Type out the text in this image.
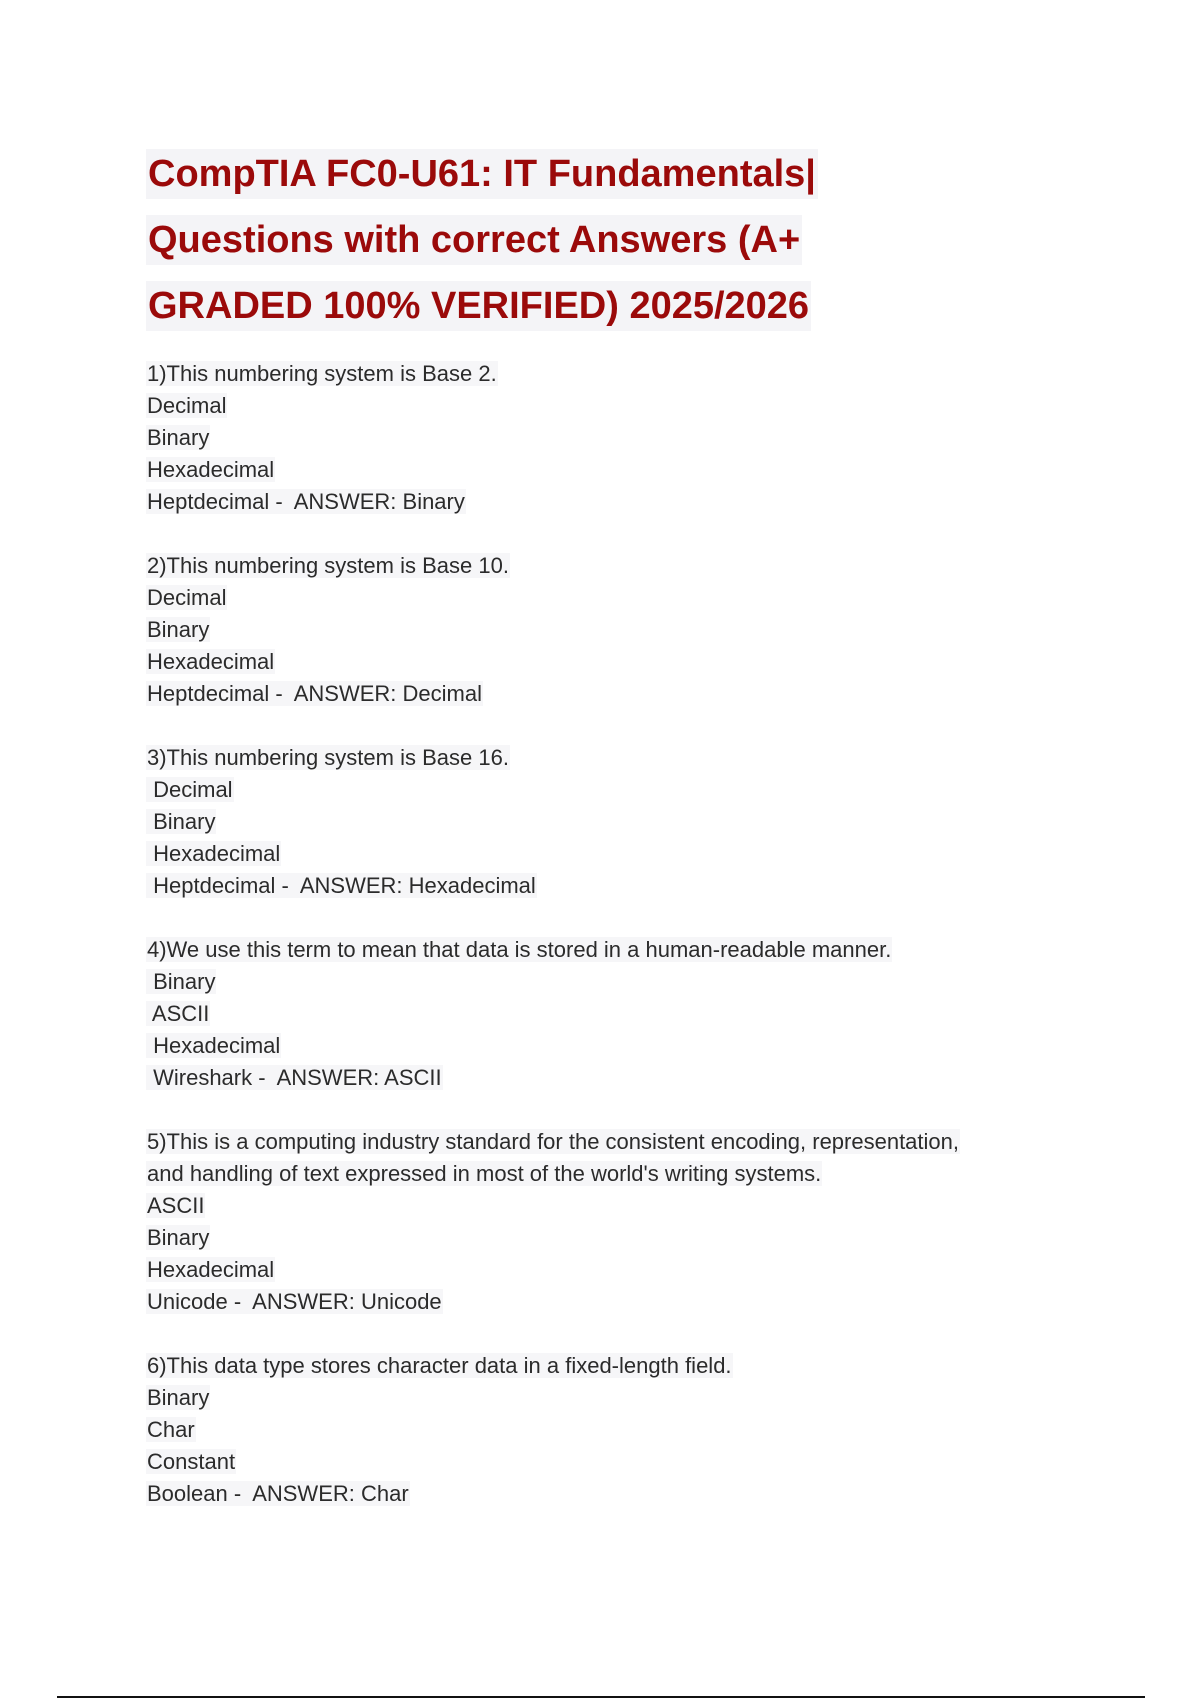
CompTIA FC0-U61: IT Fundamentals|
Questions with correct Answers (A+
GRADED 100% VERIFIED) 2025/2026
1)This numbering system is Base 2.
Decimal
Binary
Hexadecimal
Heptdecimal -  ANSWER: Binary
2)This numbering system is Base 10.
Decimal
Binary
Hexadecimal
Heptdecimal -  ANSWER: Decimal
3)This numbering system is Base 16.
Decimal
Binary
Hexadecimal
Heptdecimal -  ANSWER: Hexadecimal
4)We use this term to mean that data is stored in a human-readable manner.
Binary
ASCII
Hexadecimal
Wireshark -  ANSWER: ASCII
5)This is a computing industry standard for the consistent encoding, representation,
and handling of text expressed in most of the world's writing systems.
ASCII
Binary
Hexadecimal
Unicode -  ANSWER: Unicode
6)This data type stores character data in a fixed-length field.
Binary
Char
Constant
Boolean -  ANSWER: Char
